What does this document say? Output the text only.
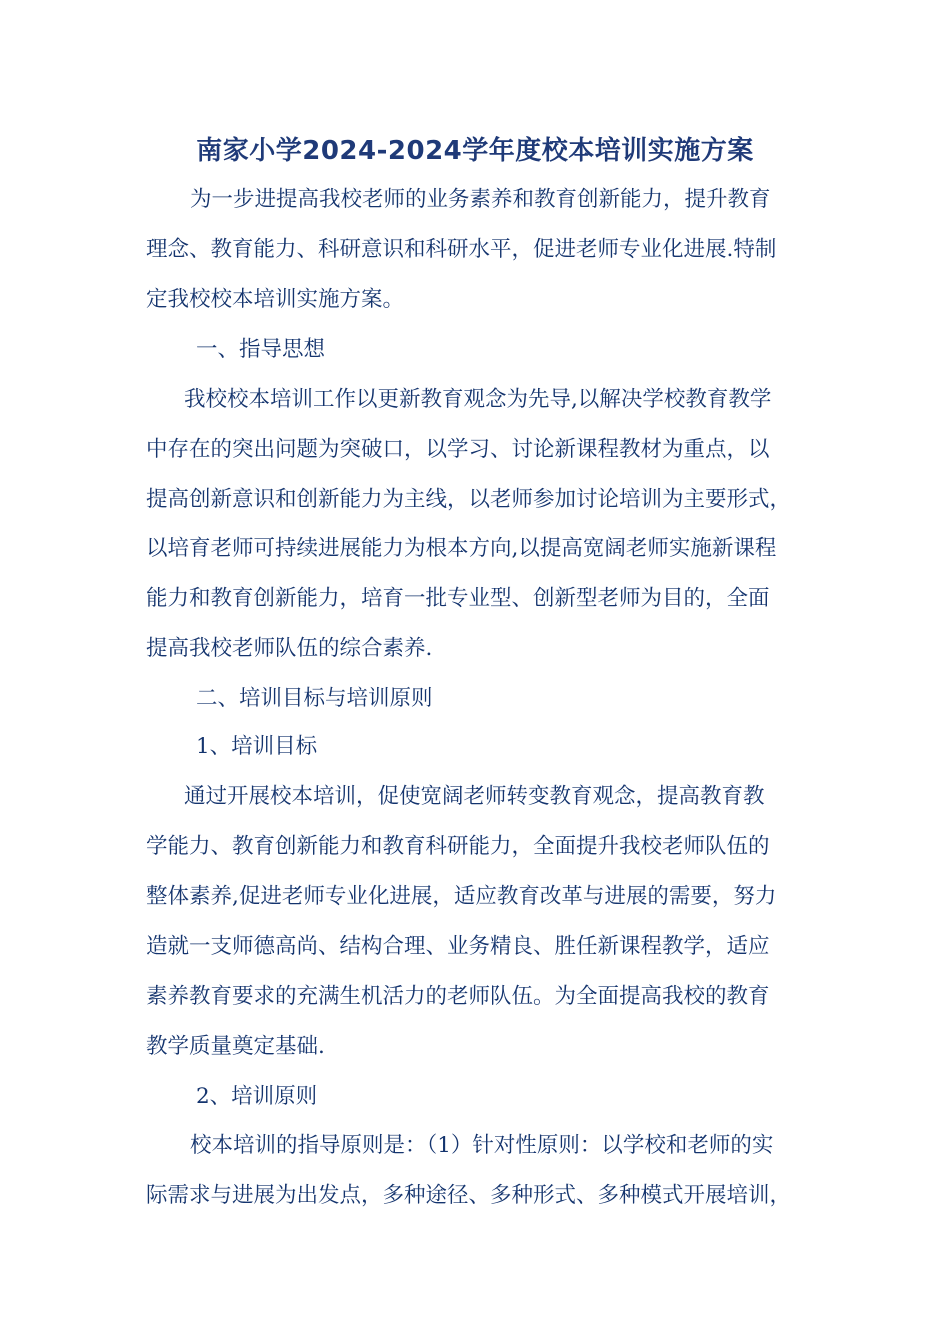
南家小学2024-2024学年度校本培训实施方案
为一步进提高我校老师的业务素养和教育创新能力，提升教育
理念、教育能力、科研意识和科研水平，促进老师专业化进展.特制
定我校校本培训实施方案。
一、指导思想
我校校本培训工作以更新教育观念为先导,以解决学校教育教学
中存在的突出问题为突破口，以学习、讨论新课程教材为重点，以
提高创新意识和创新能力为主线，以老师参加讨论培训为主要形式，
以培育老师可持续进展能力为根本方向,以提高宽阔老师实施新课程
能力和教育创新能力，培育一批专业型、创新型老师为目的，全面
提高我校老师队伍的综合素养.
二、培训目标与培训原则
1、培训目标
通过开展校本培训，促使宽阔老师转变教育观念，提高教育教
学能力、教育创新能力和教育科研能力，全面提升我校老师队伍的
整体素养,促进老师专业化进展，适应教育改革与进展的需要，努力
造就一支师德高尚、结构合理、业务精良、胜任新课程教学，适应
素养教育要求的充满生机活力的老师队伍。为全面提高我校的教育
教学质量奠定基础.
2、培训原则
校本培训的指导原则是：（1）针对性原则：以学校和老师的实
际需求与进展为出发点，多种途径、多种形式、多种模式开展培训，
